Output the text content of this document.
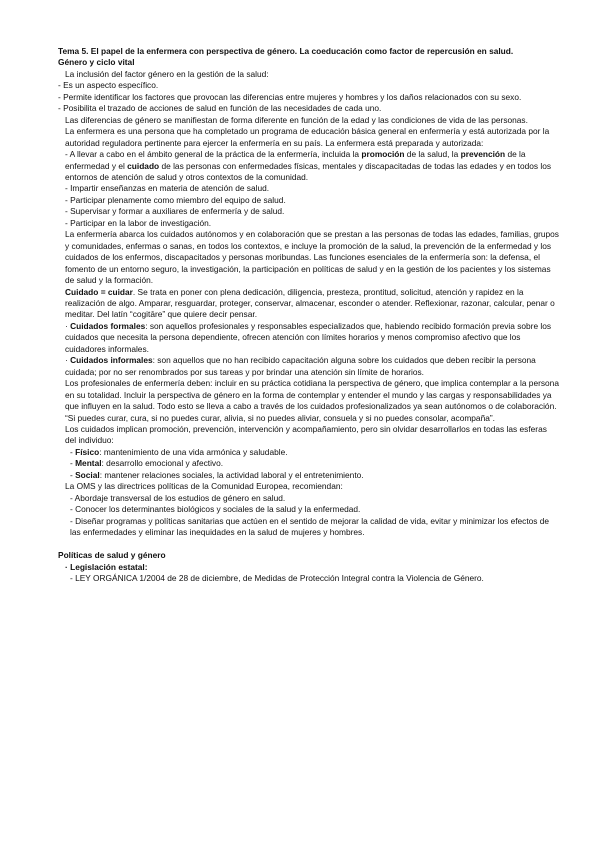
Tema 5. El papel de la enfermera con perspectiva de género. La coeducación como factor de repercusión en salud.

Género y ciclo vital

La inclusión del factor género en la gestión de la salud:

- Es un aspecto específico.

- Permite identificar los factores que provocan las diferencias entre mujeres y hombres y los daños relacionados con su sexo.

- Posibilita el trazado de acciones de salud en función de las necesidades de cada uno.

Las diferencias de género se manifiestan de forma diferente en función de la edad y las condiciones de vida de las personas.

La enfermera es una persona que ha completado un programa de educación básica general en enfermería y está autorizada por la autoridad reguladora pertinente para ejercer la enfermería en su país. La enfermera está preparada y autorizada:

- A llevar a cabo en el ámbito general de la práctica de la enfermería, incluida la promoción de la salud, la prevención de la enfermedad y el cuidado de las personas con enfermedades físicas, mentales y discapacitadas de todas las edades y en todos los entornos de atención de salud y otros contextos de la comunidad.

- Impartir enseñanzas en materia de atención de salud.

- Participar plenamente como miembro del equipo de salud.

- Supervisar y formar a auxiliares de enfermería y de salud.

- Participar en la labor de investigación.

La enfermería abarca los cuidados autónomos y en colaboración que se prestan a las personas de todas las edades, familias, grupos y comunidades, enfermas o sanas, en todos los contextos, e incluye la promoción de la salud, la prevención de la enfermedad y los cuidados de los enfermos, discapacitados y personas moribundas. Las funciones esenciales de la enfermería son: la defensa, el fomento de un entorno seguro, la investigación, la participación en políticas de salud y en la gestión de los pacientes y los sistemas de salud y la formación.

Cuidado = cuidar. Se trata en poner con plena dedicación, diligencia, presteza, prontitud, solicitud, atención y rapidez en la realización de algo. Amparar, resguardar, proteger, conservar, almacenar, esconder o atender. Reflexionar, razonar, calcular, penar o meditar. Del latín “cogitāre” que quiere decir pensar.

· Cuidados formales: son aquellos profesionales y responsables especializados que, habiendo recibido formación previa sobre los cuidados que necesita la persona dependiente, ofrecen atención con límites horarios y menos compromiso afectivo que los cuidadores informales.

· Cuidados informales: son aquellos que no han recibido capacitación alguna sobre los cuidados que deben recibir la persona cuidada; por no ser renombrados por sus tareas y por brindar una atención sin límite de horarios.

Los profesionales de enfermería deben: incluir en su práctica cotidiana la perspectiva de género, que implica contemplar a la persona en su totalidad. Incluir la perspectiva de género en la forma de contemplar y entender el mundo y las cargas y responsabilidades ya que influyen en la salud. Todo esto se lleva a cabo a través de los cuidados profesionalizados ya sean autónomos o de colaboración.

“Si puedes curar, cura, si no puedes curar, alivia, si no puedes aliviar, consuela y si no puedes consolar, acompaña”.

Los cuidados implican promoción, prevención, intervención y acompañamiento, pero sin olvidar desarrollarlos en todas las esferas del individuo:

- Físico: mantenimiento de una vida armónica y saludable.

- Mental: desarrollo emocional y afectivo.

- Social: mantener relaciones sociales, la actividad laboral y el entretenimiento.

La OMS y las directrices políticas de la Comunidad Europea, recomiendan:

- Abordaje transversal de los estudios de género en salud.

- Conocer los determinantes biológicos y sociales de la salud y la enfermedad.

- Diseñar programas y políticas sanitarias que actúen en el sentido de mejorar la calidad de vida, evitar y minimizar los efectos de las enfermedades y eliminar las inequidades en la salud de mujeres y hombres.

Políticas de salud y género

· Legislación estatal:

- LEY ORGÁNICA 1/2004 de 28 de diciembre, de Medidas de Protección Integral contra la Violencia de Género.
